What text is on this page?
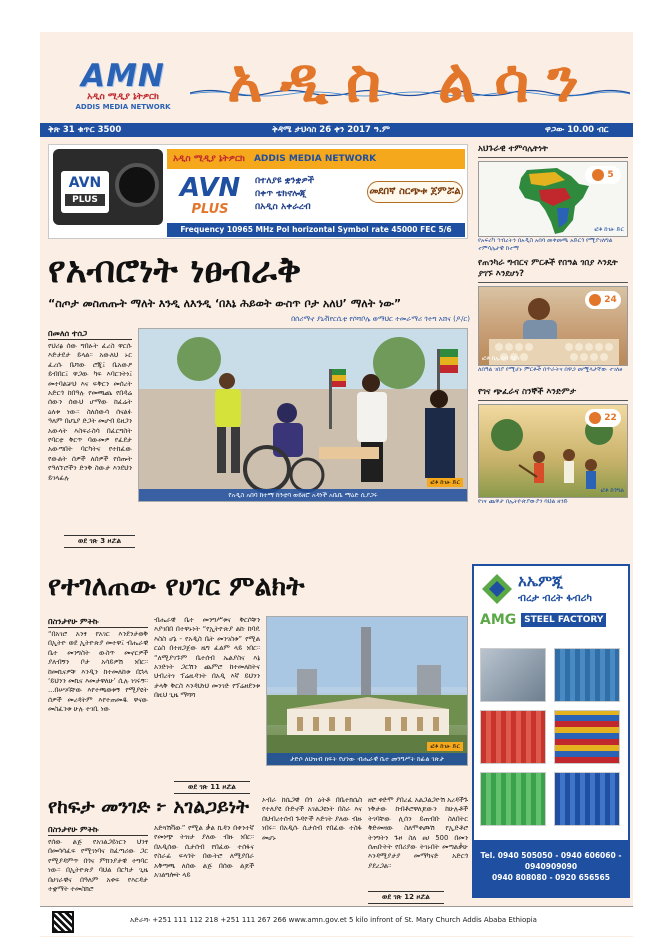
AMN
አዲስ ሚዲያ ኔትዎርክ
ADDIS MEDIA NETWORK አዲስ ልሳን
ቅጽ 31 ቁጥር 3500	ቅዳሜ ታህሳስ 26 ቀን 2017 ዓ.ም	ዋጋው 10.00 ብር
AVN
PLUS
አዲስ ሚዲያ ኔትዎርክ ADDIS MEDIA NETWORK
AVN
PLUS
በተለያዩ ቋንቋዎች
በቀጥ ቴክኖሎጂ
በአዲስ አቀራረብ
መደበኛ ስርጭቱ ጀምሯል
Frequency 10965 MHz Pol horizontal Symbol rate 45000 FEC 5/6
አህጉራዊ ተምሳሌትነት
5
ፎቶ ከገፁ ድር
የአፍሪካ ኅብረትን በአዲስ አበባ መቀመጫ አድርጎ የሚያገለግል ተምሳሌታዊ ከተማ
የጠንካራ ግብርና ምርቶች የበዓል ገበያ እንዴት ያገኙ እንደሆነ?
24
ፎቶ ከኢብሳ ባደገ
ለበዓል ገበያ የሚሆኑ ምርቶች በጥራትና በዋጋ መሟላታቸው ተገለፀ
የገና ጭፈራና ስንኞች እንድምታ
22
ፎቶ ከጎግል
የገና ጨዋታ በኢትዮጵያውያን ባህል ዘንድ
የአብሮነት ነፀብራቅ
“ስጦታ መስጠጡት ማለት እንዲ ለእንዲ ‘በእኔ ሕይወት ውስጥ ቦታ አለህ’ ማለት ነው”
በሰሪማኖ ያኒቭየርሲቲ የሶሻቦሌ ወማህር ተመራማሪ ጎተግ አሸና (ዶ/ር)
በመለሰ ተሰጋ
የህሪፅ ሰው ግበፁት ፈረስ ዋርሱ እድታደታ ይላል። አውለህ ኑር ፈረሱ ቤሻው ሮጂ፤ ቤአውዖ ይብበር፤ ዋጋው ካፍ እባርንትነ፤ መተባልቻህ እና ፍቅርን መሰረት አድርጎ ከበዓሉ የመጫጨ የበዳሬ ሰውን ሰውህ ሆማው ከፈሬት ዕለቱ ነው። ስለሰውሳ ሰናልፉ ዓለም በሆኒያ ድጋት መሆብ ይዘጋን አውላት እስፍራስሳ በፈርግስት የባርቲ ቅርጥ ባውመዎ የፈደታ አውጣበት ባርካትና የተከፈው የውልት ሰዎች ለሰዎች የሰጡት የዓለኘሮችን ድንቅ ስውታ እንደህን ይገላፊሉ
ፎቶ ከገፁ ድር
የአዲስ አበባ ከተማ ከንቲባ ወይዘሮ አዳነች አቤቤ ማዕድ ሲያጋሩ
ወደ ገጽ 3 ዞሯል
የተገለጠው የሀገር ምልክት
በስንታየሁ ምትኩ
“በአገሮ አንፃ የአገር እንደንታወቅ በኢትዮ ወደ ኢትዮጵያ መተዋ፤ ብሔራዊ ቤተ መንግስት ውስጥ መኖርዎች ያለብኝን ቦታ አሳይዎሽ ነበር። ከመኪናዎቹ እንዲን ከተመለከቱ በኋላ ‘ይህንን መኪና እመታዋለሁ’ ሲሉ ነገሩኝ። ...በሠገባቸው እየተጫወቱኝ የሚያዩት ሰዎች መረዳትም እየተጠመዱ ዋናው መስፈንቱ ሁሉ ተገቢ ነው
ብሔራዊ ቤተ መንግሥቱና ቅርሶቹን እያገበበ በተዋኑነት “የኢትዮጵያ ልኩ ከባዴ እስስ ሆኔ - የአዲስ ቤት መንገስቱ” የሚል ርዕስ በተዘጋጀው ዜግ ፈልም ላይ ነበር። “ለሚያገኙም ቤተሰብ ኤልያስና እኔ አንድነት ጋርሽን ጨምሮ ከተመለከትና ህብረትነ ፕሬዚዳንት በአዲ እኛ ይህንን ታላቅ ቅርስ እንዳህነህ መንገድ የፕሬዘደንቱ በዚህ ጊዜ ማሻሻ
ፎቶ ከገፁ ድር
ታድሶ ለህዝብ ክፍት የሆነው ብሔራዊ ቤተ መንግሥት ከፊል ገጽታ
ወደ ገጽ 11 ዞሯል
የከፍታ መንገድ ፦ አገልጋይነት
በስንታየሁ ምትኩ
የሰው ልጅ የአገልጋይነርን ህንፃ በመሳሳፈፍ የሚገነባና ከፈጣሪው ጋር የሚያዳምጥ በጎና ምክንያታዊ ተግባር ነው። በኢትዮጵያ ባህል በርካታ ጊዜ በሀገራዊና በዓለም አቀፍ የእርዳታ ተቋማት ተመስክሮ
አድጓሽቫው” የሚል ቃል ኪዳን በቀንተኛ የመነጭ ትዝታ ያለው ብዙ ነበር። በአዲሰው ሲታሰብ የበፈው ተሰፋና የስራፊ ፍላጎት በውትሮ ለሚያበራ አቅጣጫ ለሰው ልጅ በሰው ልጆች አገልግሎት ላይ
ኦብራ ከሴጋዊ በጎ ዕትቶ በቤተክሴስ የተለያዩ ቡድኖች አገልጋዩነት በስራ እና በህብረተሰብ ጉዳዮች እድገት ያለው ብዙ ነበሩ። በአዲሱ ሲታሰብ የበፈው ተስፋ መሆኑ
ዘሮ ቀድሞ ያበረፈ አልጋልጋዮሽ አረዳችጉ ነቅታው ከብቶሮዋለጆውን ከሁሉቶች ትገባቸው ሊሰን ይጠብቡ ስለበትር ቅድመዛው ስለሞቀጮሽ የኢድቶሮ ትንግትን ጉዞ ስለ ፀሀ 500 በመን ሰጠቡትት የበሪያው ትገኑበት መጣልቃሁ እንዳሚያታያ መማካናድ አድርጎ ያደረጋል።
ወደ ገጽ 12 ዞሯል
አኤምጂ
ብረታ ብረት ፋብሪካ
AMG STEEL FACTORY
Tel. 0940 505050 - 0940 606060 - 0940909090
0940 808080 - 0920 656565
አድራሻ፡ +251 111 112 218 +251 111 267 266 www.amn.gov.et 5 kilo infront of St. Mary Church Addis Ababa Ethiopia
